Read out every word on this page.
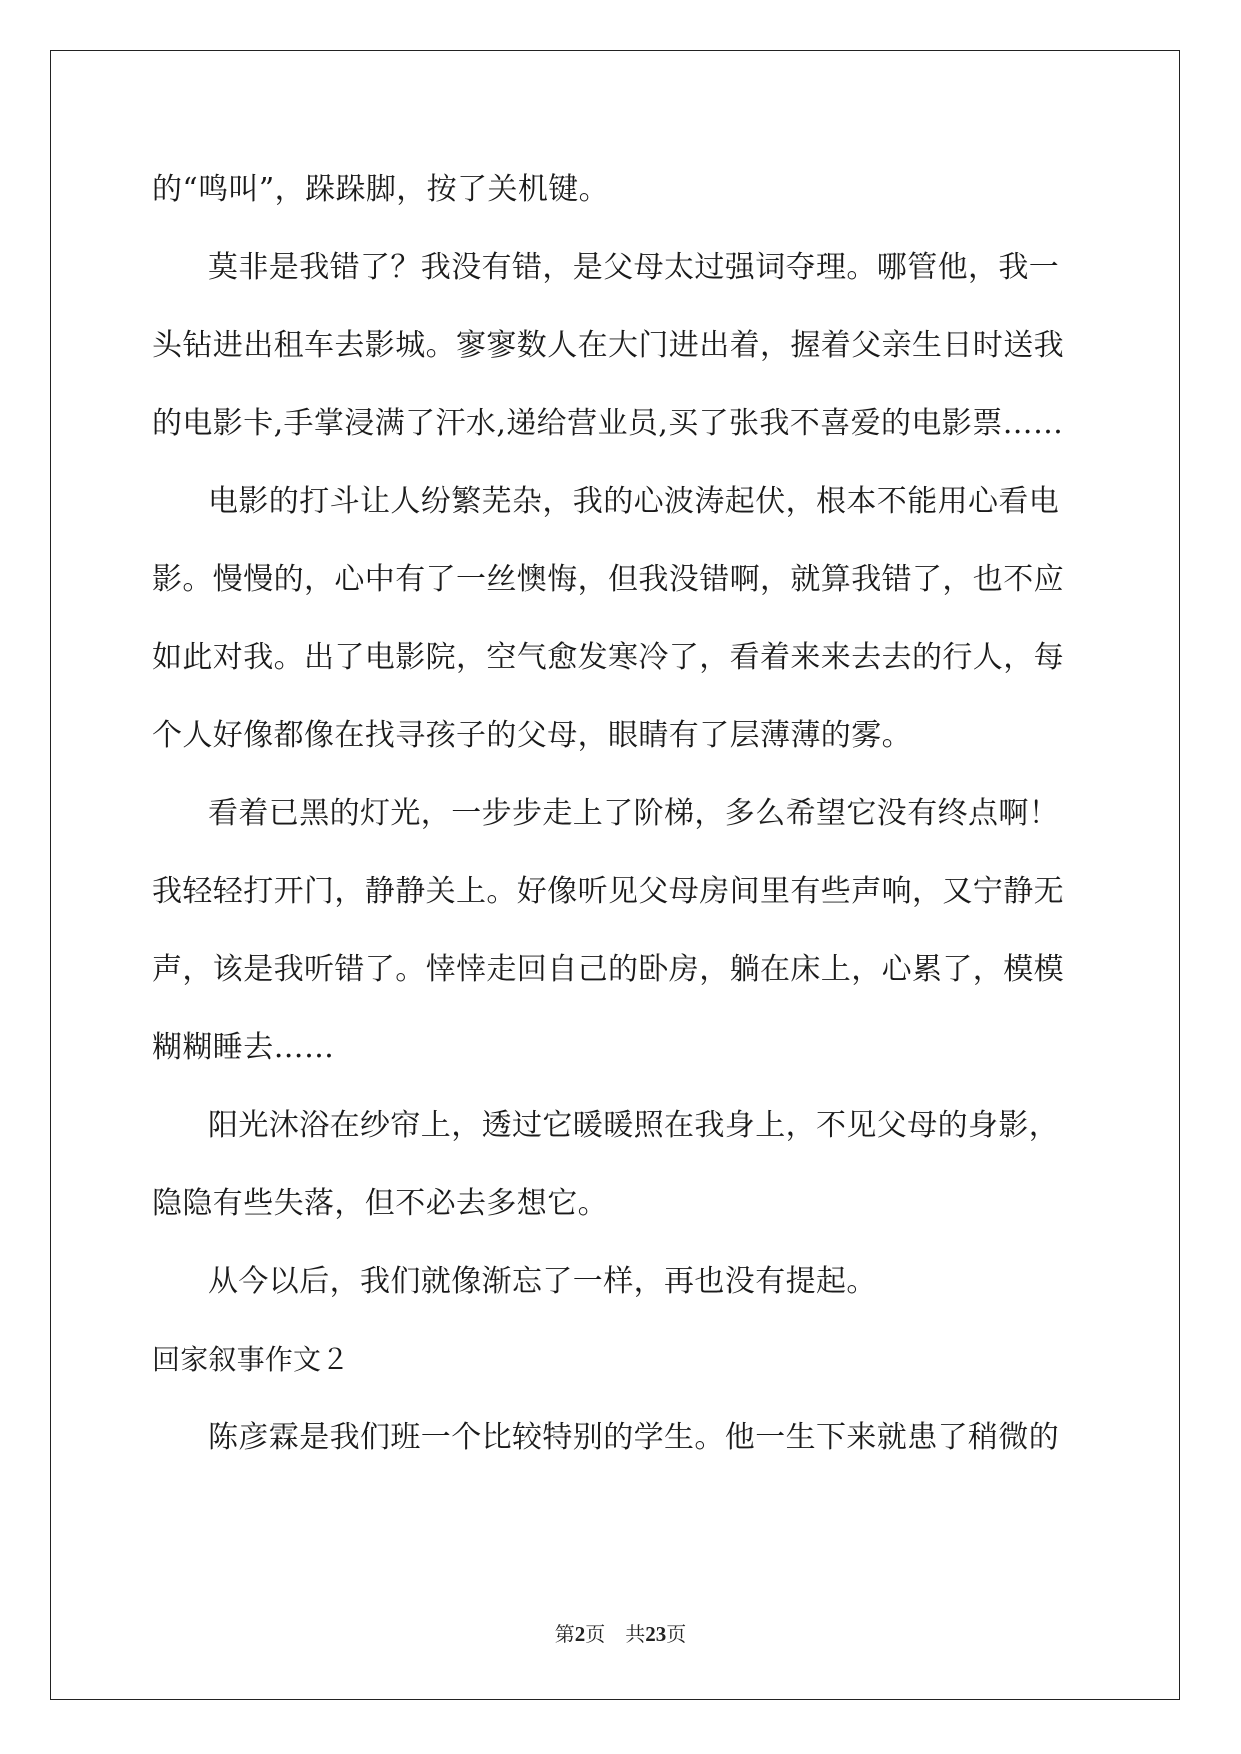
的“鸣叫”，跺跺脚，按了关机键。
莫非是我错了？我没有错，是父母太过强词夺理。哪管他，我一
头钻进出租车去影城。寥寥数人在大门进出着，握着父亲生日时送我
的电影卡,手掌浸满了汗水,递给营业员,买了张我不喜爱的电影票……
电影的打斗让人纷繁芜杂，我的心波涛起伏，根本不能用心看电
影。慢慢的，心中有了一丝懊悔，但我没错啊，就算我错了，也不应
如此对我。出了电影院，空气愈发寒冷了，看着来来去去的行人，每
个人好像都像在找寻孩子的父母，眼睛有了层薄薄的雾。
看着已黑的灯光，一步步走上了阶梯，多么希望它没有终点啊！
我轻轻打开门，静静关上。好像听见父母房间里有些声响，又宁静无
声，该是我听错了。悻悻走回自己的卧房，躺在床上，心累了，模模
糊糊睡去……
阳光沐浴在纱帘上，透过它暖暖照在我身上，不见父母的身影，
隐隐有些失落，但不必去多想它。
从今以后，我们就像渐忘了一样，再也没有提起。
回家叙事作文２
陈彦霖是我们班一个比较特别的学生。他一生下来就患了稍微的
第2页 共23页
